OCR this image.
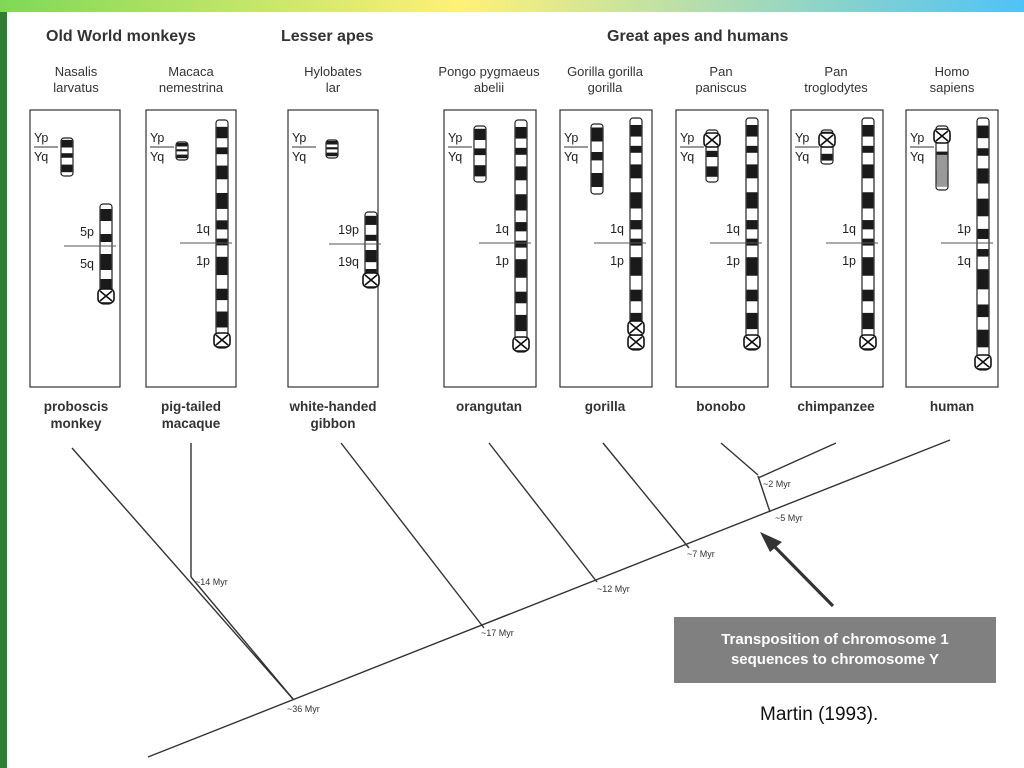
Old World monkeys	Lesser apes	Great apes and humans
Nasalis
larvatus
Macaca
nemestrina
Hylobates
lar
Pongo pygmaeus
abelii
Gorilla gorilla
gorilla
Pan
paniscus
Pan
troglodytes
Homo
sapiens
proboscis
monkey
pig-tailed
macaque
white-handed
gibbon
orangutan	gorilla	bonobo	chimpanzee	human
Yp
Yq
5p
5q
Yp
Yq
1q
1p
Yp
Yq
19p
19q
Yp
Yq
1q
1p
Yp
Yq
1q
1p
Yp
Yq
1q
1p
Yp
Yq
1q
1p
Yp
Yq
1p
1q
~36 Myr
~17 Myr
~14 Myr
~12 Myr
~7 Myr
~5 Myr
~2 Myr
Transposition of chromosome 1
sequences to chromosome Y
Martin (1993).
